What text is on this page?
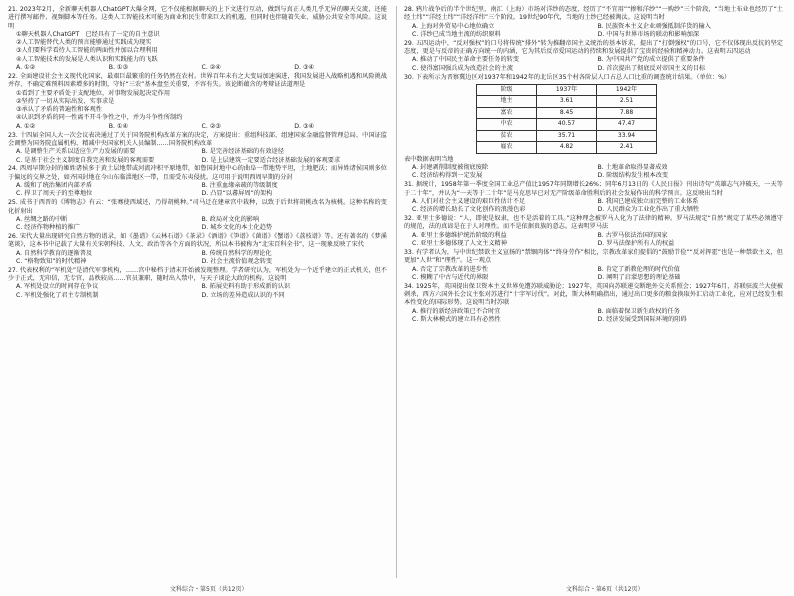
21. 2023年2月，全新聊天机器人ChatGPT大爆全网，它不仅能根据聊天的上下文进行互动，做到与真正人类几乎无异的聊天交流，还能进行撰写邮件、视频脚本等任务。这类人工智能技术可能为商业和民生带来巨大的机遇，但同时也伴随着失业、威胁公共安全等风险。这说明
①聊天机器人ChatGPT　已经具有了一定的自主意识
②人工智能替代人类的预言能够通过实践成为现实
③人们要科学看待人工智能的两面性并加以合理利用
④人工智能技术的发展是人类认识和实践能力的飞跃
A. ①②	B. ①③	C. ②④	D. ③④
22. 全面建设社会主义现代化国家，最艰巨最繁重的任务仍然在农村。世界百年未有之大变局加速演进，我国发展进入战略机遇和风险挑战并存、不确定难预料因素增多的时期，守好“三农”基本盘至关重要，不容有失。该论断蕴含的考辩证法道理是
①看到了主要矛盾处于支配地位，对事物发展起决定作用
②坚持了一切从实际出发、实事求是
③承认了矛盾的普遍性和客观性
④认识到矛盾的同一性离不开斗争性之中，并为斗争性所制约
A. ①②	B. ①④	C. ②③	D. ③④
23. 十四届全国人大一次会议表决通过了关于国务院机构改革方案的决定，方案提出：重组科技部、组建国家金融监督管理总局、中国证监会调整为国务院直属机构、精减中央国家机关人员编制……国务院机构改革
A. 是调整生产关系以适应生产力发展的需要	B. 是完善经济基础的有效途径
C. 是基于社会主义制度自我完善和发展的客观需要	D. 是上层建筑一定要适合经济基础发展的客观要求
24. 西周早期分封的姬姓诸侯多于黄土层地带或河流冲积平原地带，如鲁国封地中心的曲阜一带地势平坦，土地肥沃；而异姓诸侯国则多位于偏远的交界之处，如齐国封地在今山东临淄地区一带，且需受东夷侵扰。这可用于说明西周早期的分封
A. 缓和了统治集团内部矛盾	B. 注重血缘亲疏的等级制度
C. 捍卫了周天子的至尊地位	D. 凸显“以蕃屏周”的架构
25. 成书于西晋的《博物志》有云：“张骞使西域还，乃得胡桃种。”司马迁在建章宫中栽种，以致于后世将胡桃改名为核桃。这种名称的变化折射出
A. 丝绸之路的中断	B. 政局对文化的影响
C. 经济作物种植的推广	D. 城乡文化的本土化趋势
26. 宋代大量出现研究自然方物的谱录，如《墨谱》《云林石谱》《茶录》《酒谱》《笋谱》《菌谱》《蟹谱》《荔枝谱》等。还有著名的《梦溪笔谈》，这本书中记载了大量有关宋朝科技、人文、政治等各个方面的状况，所以本书被称为“北宋百科全书”，这一现象反映了宋代
A. 自然科学教育的逐渐普及	B. 传统自然科学的理论化
C. “格物致知”的时代精神	D. 社会主流价值观念转变
27. 代表权利的“军机处”是清代军事机构，……宫中秘档于清末开始被发现整理。学者研究认为，军机处为一个近乎建立的正式机关，但不少于正式，无印信，无专官，品秩较高……官员兼职，随时出入禁中，与天子谈论大政的机构。这说明
A. 军机处设立的时间存在争议	B. 拓展史料有助于形成新的认识
C. 军机处强化了君主专制机制	D. 立场的差异造成认识的不同
28. 鸦片战争后的半个世纪里，南汇（上海）市场对洋纱的态度，经历了“不宜用”“掺和洋纱”“一购纱”三个阶段，“当地土布业也经历了“土经土纬”“洋经土纬”“洋经洋纬”三个阶段。19世纪90年代，当地的土纱已经被淘汰。这说明当时
A. 上海对外贸易中心地位确立	B. 民族资本主义企业顽强抵制洋货的输入
C. 洋纱已成当地主流的纺织原料	D. 中国与世界市场的联动和影响加深
29. 五四运动中，“反对强权”的口号将传统“排外”转为推翻帝国主义统治的基本诉求，提出了“打倒强权”的口号，它不仅体现出反抗的坚定态度，更是与反帝的正确方向统一的内涵，它为其后反帝爱国运动的持续和发展提供了宝贵的经验和精神动力。这表明五四运动
A. 推动了中国民主革命主要任务的转变	B. 为中国共产党的成立提供了重要条件
C. 使得富国强兵成为改造社会的主流	D. 首次提出了彻底反对帝国主义的目标
30. 下表所示为晋察冀边区对1937年和1942年的北岳区35个村各阶层人口占总人口比重的调查统计结果。（单位：%）
阶级	1937年	1942年
地主	3.61	2.51
富农	8.45	7.88
中农	40.57	47.47
贫农	35.71	33.94
雇农	4.82	2.41
表中数据表明当地
A. 封建剥削制度被彻底废除	B. 土地革命取得显著成效
C. 经济结构得到一定发展	D. 阶级结构发生根本改变
31. 据统计，1958年第一季度全国工业总产值比1957年同期增长26%；同年6月13日的《人民日报》刊出诗句“英雄志气冲破天，一天等于二十年”，并认为“一天等于二十年”是马克思早已对无产阶级革命胜利后的社会发展作出的科学预言。这反映出当时
A. 人们对社会主义建设的艰巨性估计不足	B. 我国已建成独立而完整的工业体系
C. 经济的增长助长了文化创作的浪漫色彩	D. 人民群众为工业化作出了重大牺牲
32. 亚里士多德说：“人，即使是奴隶，也不是活着的工具。”这种理念被罗马人化为了法律的精神。罗马法规定“自然”规定了某些必须遵守的规范，法的真谛是在于人对理性。而不是依据贵族的意志。这表明罗马法
A. 亚里士多德维护统治阶级的利益	B. 古罗马依法治国的国家
C. 亚里士多德体现了人文主义精神	D. 罗马法保护所有人的权益
33. 有学者认为，与中世纪禁欲主义宣扬的“禁锢肉体”“终身劳作”相比，宗教改革家们提倡的“鼓励节俭”“反对挥霍”也是一种禁欲主义，但更加“人世”和“理性”。这一观点
A. 否定了宗教改革的进步性	B. 肯定了新教伦理的时代价值
C. 模糊了中古与近代的界限	D. 阐明了启蒙思想的理论基础
34. 1925年，英国提出保卫资本主义世界免遭苏联威胁论；1927年，英国向苏联递交断绝外交关系照会；1927年6月，苏联驻波兰大使被刺杀，西方六国外长会议主张对苏进行“十字军讨伐”。对此，斯大林明确指出，通过出口更多的粮食换取外汇启动工业化，应对已经发生根本性变化的国际形势。这说明当时苏联
A. 推行的新经济政策已不合时宜	B. 面临着保卫新生政权的任务
C. 斯大林模式的建立具有必然性	D. 经济发展受到国际环境的阻碍
文科综合・第5页（共12页）	文科综合・第6页（共12页）
